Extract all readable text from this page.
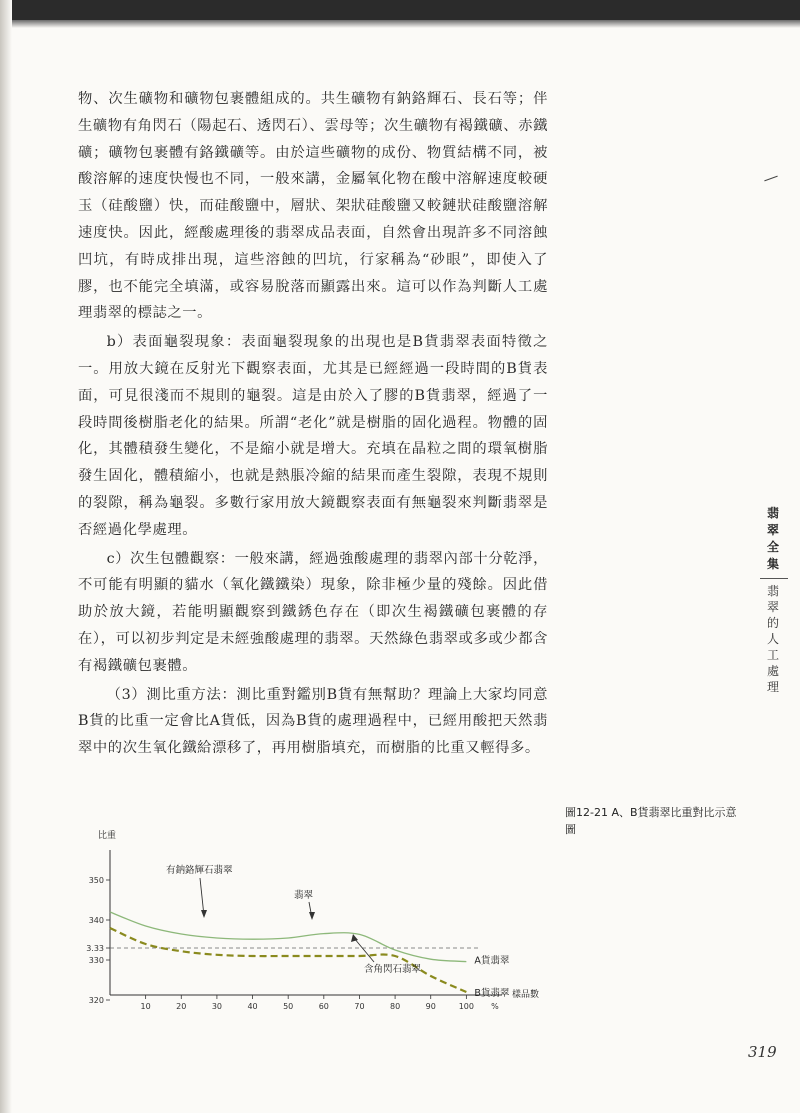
物、次生礦物和礦物包裹體組成的。共生礦物有鈉鉻輝石、長石等；伴生礦物有角閃石（陽起石、透閃石）、雲母等；次生礦物有褐鐵礦、赤鐵礦；礦物包裹體有鉻鐵礦等。由於這些礦物的成份、物質結構不同，被酸溶解的速度快慢也不同，一般來講，金屬氧化物在酸中溶解速度較硬玉（硅酸鹽）快，而硅酸鹽中，層狀、架狀硅酸鹽又較鏈狀硅酸鹽溶解速度快。因此，經酸處理後的翡翠成品表面，自然會出現許多不同溶蝕凹坑，有時成排出現，這些溶蝕的凹坑，行家稱為“砂眼”，即使入了膠，也不能完全填滿，或容易脫落而顯露出來。這可以作為判斷人工處理翡翠的標誌之一。

b）表面龜裂現象：表面龜裂現象的出現也是B貨翡翠表面特徵之一。用放大鏡在反射光下觀察表面，尤其是已經經過一段時間的B貨表面，可見很淺而不規則的龜裂。這是由於入了膠的B貨翡翠，經過了一段時間後樹脂老化的結果。所謂“老化”就是樹脂的固化過程。物體的固化，其體積發生變化，不是縮小就是增大。充填在晶粒之間的環氧樹脂發生固化，體積縮小，也就是熱脹冷縮的結果而產生裂隙，表現不規則的裂隙，稱為龜裂。多數行家用放大鏡觀察表面有無龜裂來判斷翡翠是否經過化學處理。

c）次生包體觀察：一般來講，經過強酸處理的翡翠內部十分乾淨，不可能有明顯的貓水（氧化鐵鐵染）現象，除非極少量的殘餘。因此借助於放大鏡，若能明顯觀察到鐵銹色存在（即次生褐鐵礦包裹體的存在），可以初步判定是未經強酸處理的翡翠。天然綠色翡翠或多或少都含有褐鐵礦包裹體。

（3）測比重方法：測比重對鑑別B貨有無幫助？理論上大家均同意B貨的比重一定會比A貨低，因為B貨的處理過程中，已經用酸把天然翡翠中的次生氧化鐵給漂移了，再用樹脂填充，而樹脂的比重又輕得多。

翡翠全集
翡翠的人工處理
圖12-21 A、B貨翡翠比重對比示意圖
比重
樣品數
350
340
3.33
330
320
10	20	30	40	50	60	70	80	90	100 %
A貨翡翠
B貨翡翠
有鈉鉻輝石翡翠
翡翠
含角閃石翡翠
319
